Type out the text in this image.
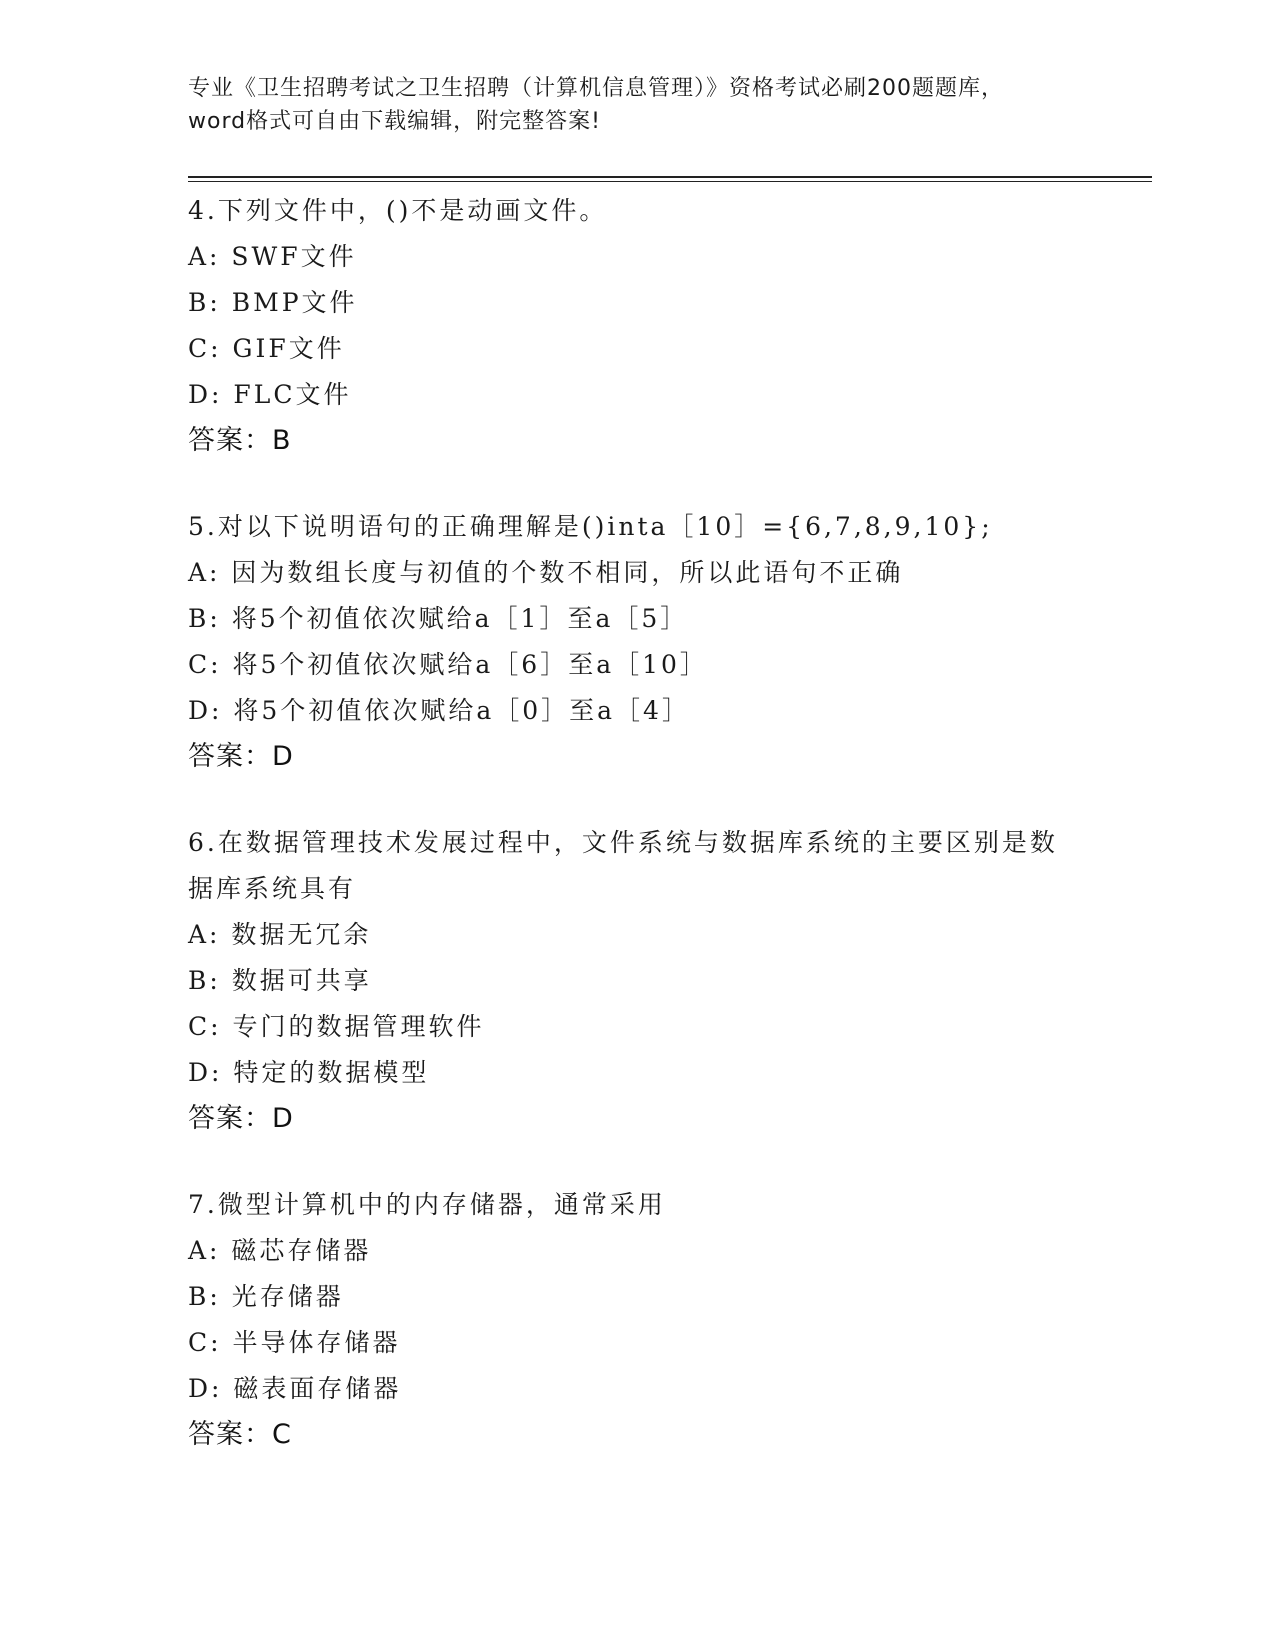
专业《卫生招聘考试之卫生招聘（计算机信息管理）》资格考试必刷200题题库，
word格式可自由下载编辑，附完整答案!
4.下列文件中，()不是动画文件。
A: SWF文件
B: BMP文件
C: GIF文件
D: FLC文件
答案：B
5.对以下说明语句的正确理解是()inta［10］={6,7,8,9,10};
A: 因为数组长度与初值的个数不相同，所以此语句不正确
B: 将5个初值依次赋给a［1］至a［5］
C: 将5个初值依次赋给a［6］至a［10］
D: 将5个初值依次赋给a［0］至a［4］
答案：D
6.在数据管理技术发展过程中，文件系统与数据库系统的主要区别是数据库系统具有
A: 数据无冗余
B: 数据可共享
C: 专门的数据管理软件
D: 特定的数据模型
答案：D
7.微型计算机中的内存储器，通常采用
A: 磁芯存储器
B: 光存储器
C: 半导体存储器
D: 磁表面存储器
答案：C
